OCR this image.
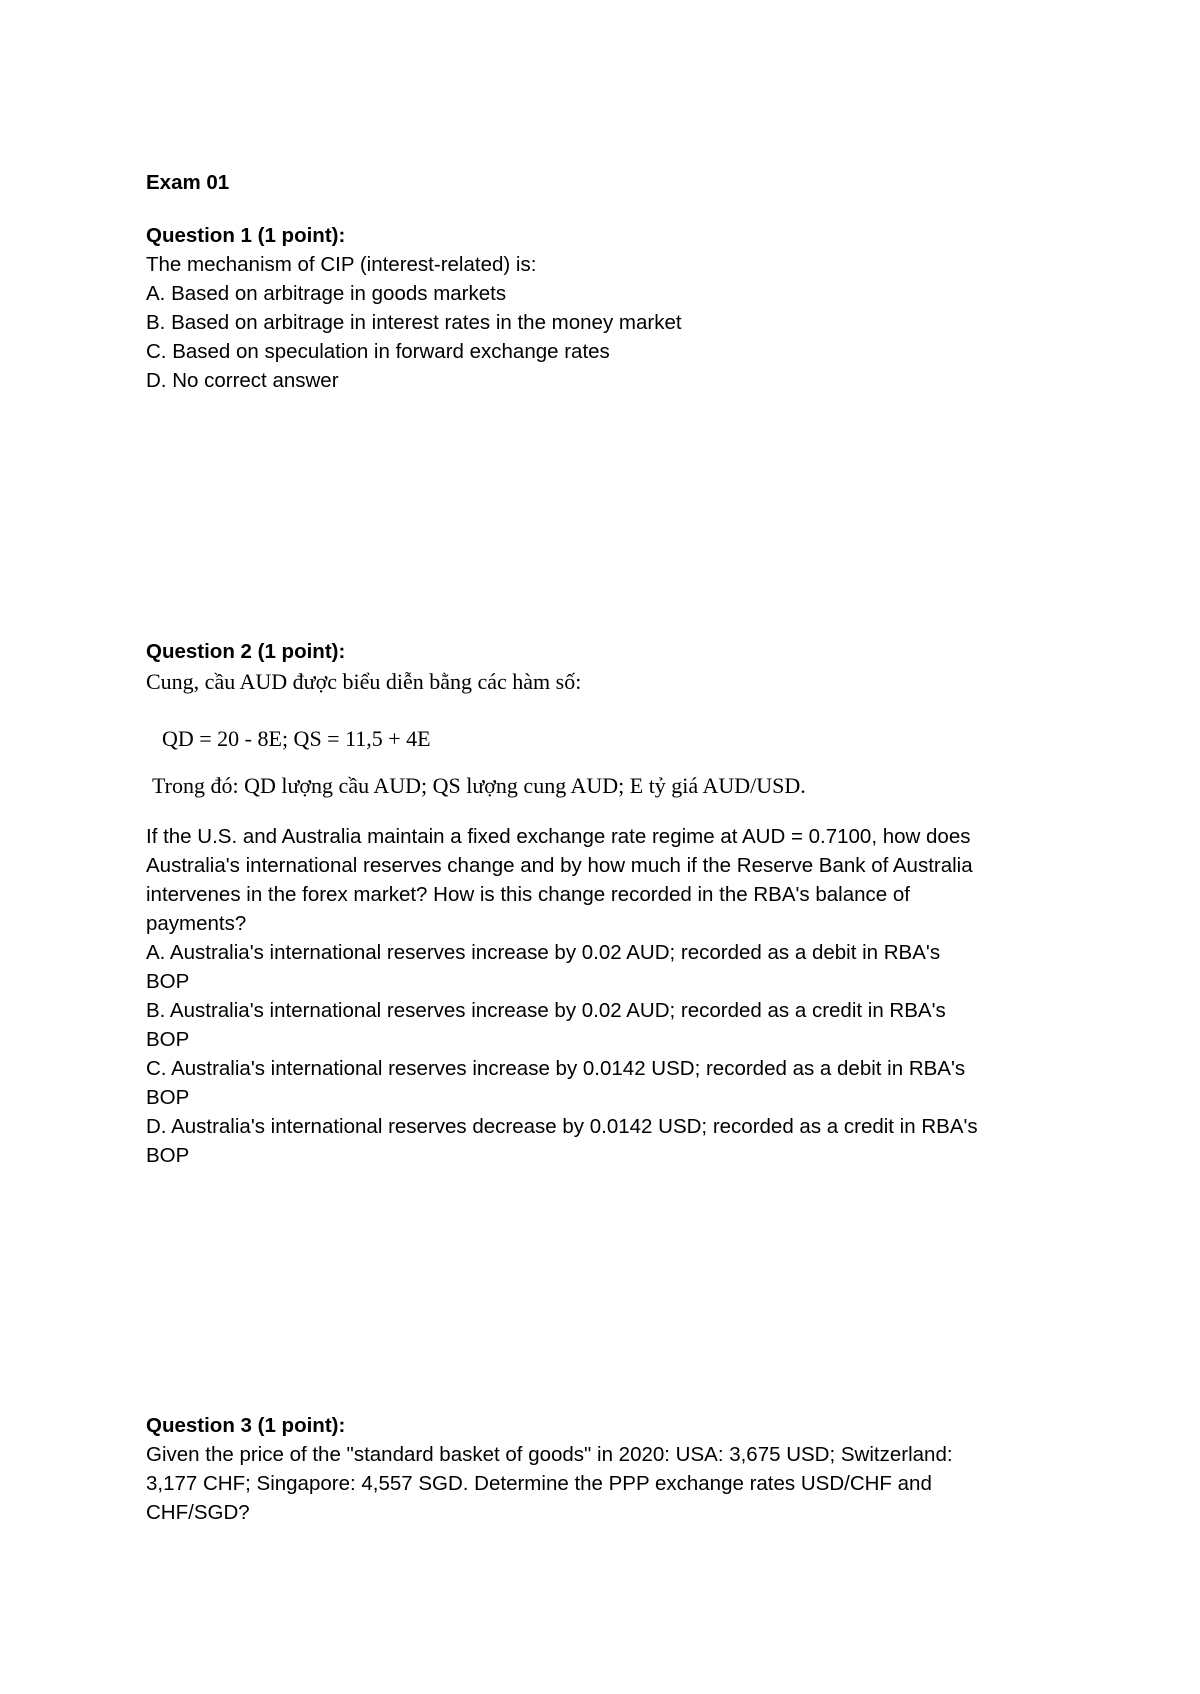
Exam 01
Question 1 (1 point):
The mechanism of CIP (interest-related) is:
A. Based on arbitrage in goods markets
B. Based on arbitrage in interest rates in the money market
C. Based on speculation in forward exchange rates
D. No correct answer
Question 2 (1 point):
Cung, cầu AUD được biểu diễn bằng các hàm số:
QD = 20 - 8E; QS = 11,5 + 4E
Trong đó: QD lượng cầu AUD; QS lượng cung AUD; E tỷ giá AUD/USD.
If the U.S. and Australia maintain a fixed exchange rate regime at AUD = 0.7100, how does
Australia's international reserves change and by how much if the Reserve Bank of Australia
intervenes in the forex market? How is this change recorded in the RBA's balance of
payments?
A. Australia's international reserves increase by 0.02 AUD; recorded as a debit in RBA's
BOP
B. Australia's international reserves increase by 0.02 AUD; recorded as a credit in RBA's
BOP
C. Australia's international reserves increase by 0.0142 USD; recorded as a debit in RBA's
BOP
D. Australia's international reserves decrease by 0.0142 USD; recorded as a credit in RBA's
BOP
Question 3 (1 point):
Given the price of the "standard basket of goods" in 2020: USA: 3,675 USD; Switzerland:
3,177 CHF; Singapore: 4,557 SGD. Determine the PPP exchange rates USD/CHF and
CHF/SGD?
